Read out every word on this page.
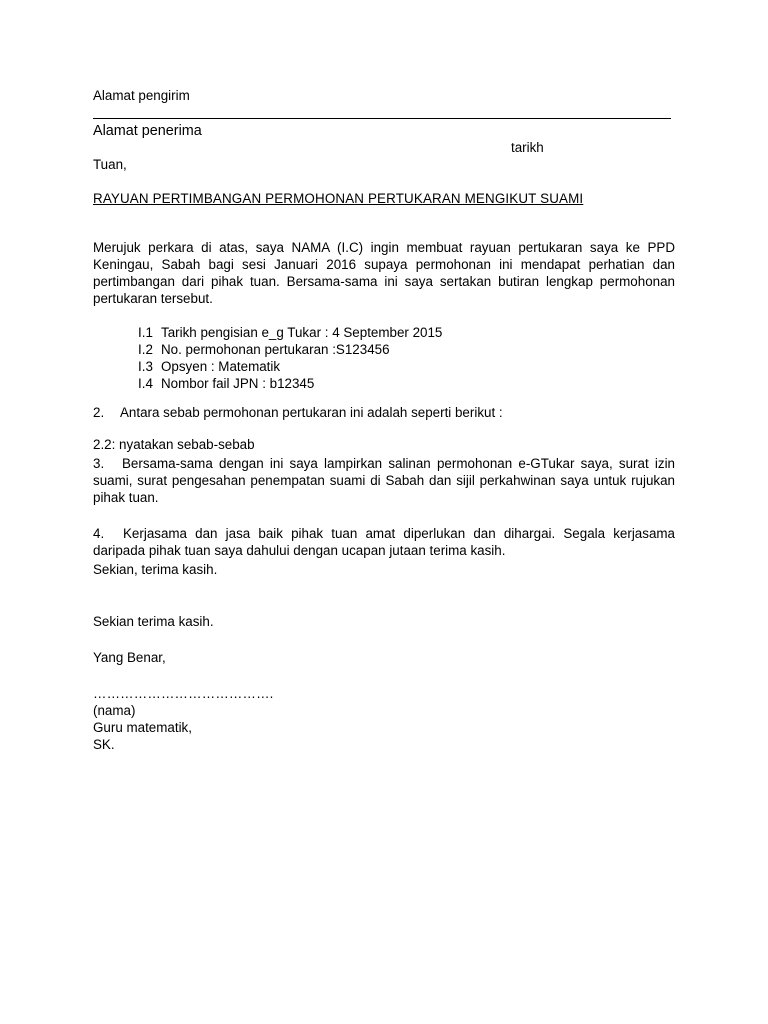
Alamat pengirim
Alamat penerima
tarikh
Tuan,
RAYUAN PERTIMBANGAN PERMOHONAN PERTUKARAN MENGIKUT SUAMI
Merujuk perkara di atas, saya NAMA (I.C) ingin membuat rayuan pertukaran saya ke PPD Keningau, Sabah bagi sesi Januari 2016 supaya permohonan ini mendapat perhatian dan pertimbangan dari pihak tuan. Bersama-sama ini saya sertakan butiran lengkap permohonan pertukaran tersebut.
I.1 Tarikh pengisian e_g Tukar : 4 September 2015
I.2 No. permohonan pertukaran :S123456
I.3 Opsyen : Matematik
I.4 Nombor fail JPN : b12345
2. Antara sebab permohonan pertukaran ini adalah seperti berikut :
2.2: nyatakan sebab-sebab
3. Bersama-sama dengan ini saya lampirkan salinan permohonan e-GTukar saya, surat izin suami, surat pengesahan penempatan suami di Sabah dan sijil perkahwinan saya untuk rujukan pihak tuan.
4. Kerjasama dan jasa baik pihak tuan amat diperlukan dan dihargai. Segala kerjasama daripada pihak tuan saya dahului dengan ucapan jutaan terima kasih.
Sekian, terima kasih.
Sekian terima kasih.
Yang Benar,
………………………………….
(nama)
Guru matematik,
SK.
